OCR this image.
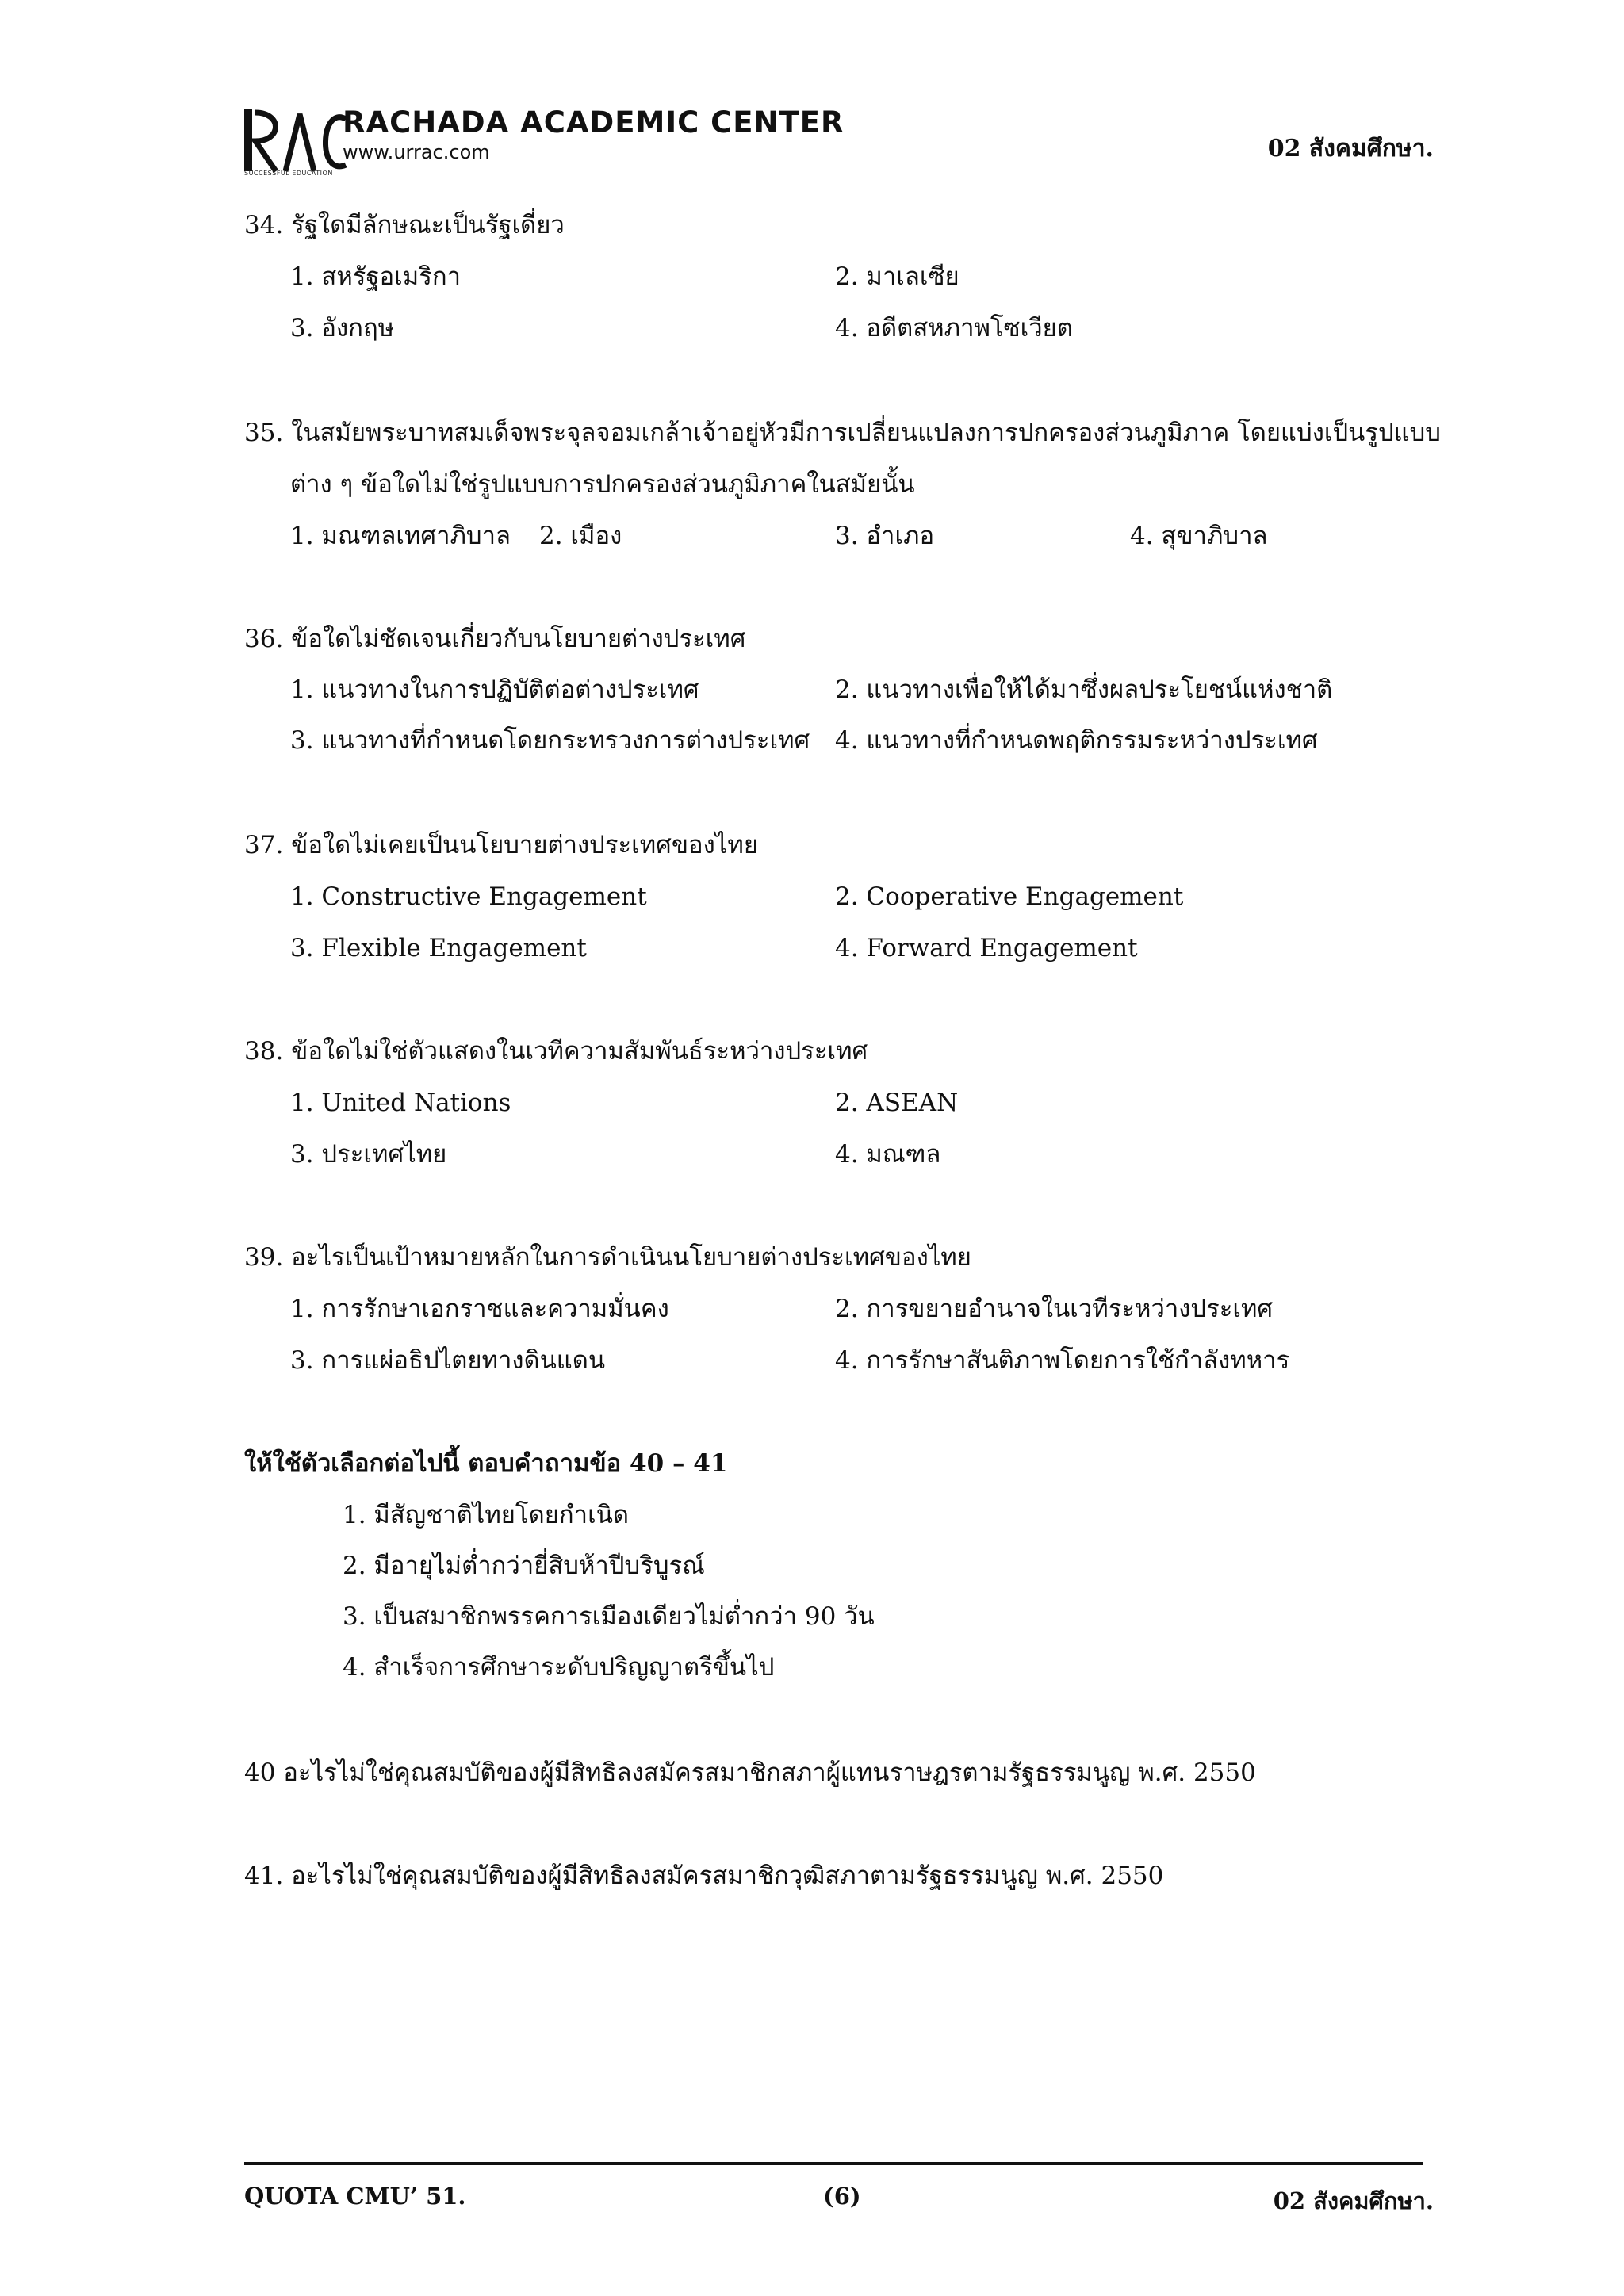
RACHADA ACADEMIC CENTER
www.urrac.com
SUCCESSFUL EDUCATION
02 สังคมศึกษา.
34. รัฐใดมีลักษณะเป็นรัฐเดี่ยว
1. สหรัฐอเมริกา	2. มาเลเซีย
3. อังกฤษ	4. อดีตสหภาพโซเวียต
35. ในสมัยพระบาทสมเด็จพระจุลจอมเกล้าเจ้าอยู่หัวมีการเปลี่ยนแปลงการปกครองส่วนภูมิภาค โดยแบ่งเป็นรูปแบบ
ต่าง ๆ ข้อใดไม่ใช่รูปแบบการปกครองส่วนภูมิภาคในสมัยนั้น
1. มณฑลเทศาภิบาล 2. เมือง	3. อำเภอ	4. สุขาภิบาล
36. ข้อใดไม่ชัดเจนเกี่ยวกับนโยบายต่างประเทศ
1. แนวทางในการปฏิบัติต่อต่างประเทศ	2. แนวทางเพื่อให้ได้มาซึ่งผลประโยชน์แห่งชาติ
3. แนวทางที่กำหนดโดยกระทรวงการต่างประเทศ 4. แนวทางที่กำหนดพฤติกรรมระหว่างประเทศ
37. ข้อใดไม่เคยเป็นนโยบายต่างประเทศของไทย
1. Constructive Engagement	2. Cooperative Engagement
3. Flexible Engagement	4. Forward Engagement
38. ข้อใดไม่ใช่ตัวแสดงในเวทีความสัมพันธ์ระหว่างประเทศ
1. United Nations	2. ASEAN
3. ประเทศไทย	4. มณฑล
39. อะไรเป็นเป้าหมายหลักในการดำเนินนโยบายต่างประเทศของไทย
1. การรักษาเอกราชและความมั่นคง	2. การขยายอำนาจในเวทีระหว่างประเทศ
3. การแผ่อธิปไตยทางดินแดน	4. การรักษาสันติภาพโดยการใช้กำลังทหาร
ให้ใช้ตัวเลือกต่อไปนี้ ตอบคำถามข้อ 40 – 41
1. มีสัญชาติไทยโดยกำเนิด
2. มีอายุไม่ต่ำกว่ายี่สิบห้าปีบริบูรณ์
3. เป็นสมาชิกพรรคการเมืองเดียวไม่ต่ำกว่า 90 วัน
4. สำเร็จการศึกษาระดับปริญญาตรีขึ้นไป
40 อะไรไม่ใช่คุณสมบัติของผู้มีสิทธิลงสมัครสมาชิกสภาผู้แทนราษฎรตามรัฐธรรมนูญ พ.ศ. 2550
41. อะไรไม่ใช่คุณสมบัติของผู้มีสิทธิลงสมัครสมาชิกวุฒิสภาตามรัฐธรรมนูญ พ.ศ. 2550
QUOTA CMU’ 51.	(6)	02 สังคมศึกษา.
